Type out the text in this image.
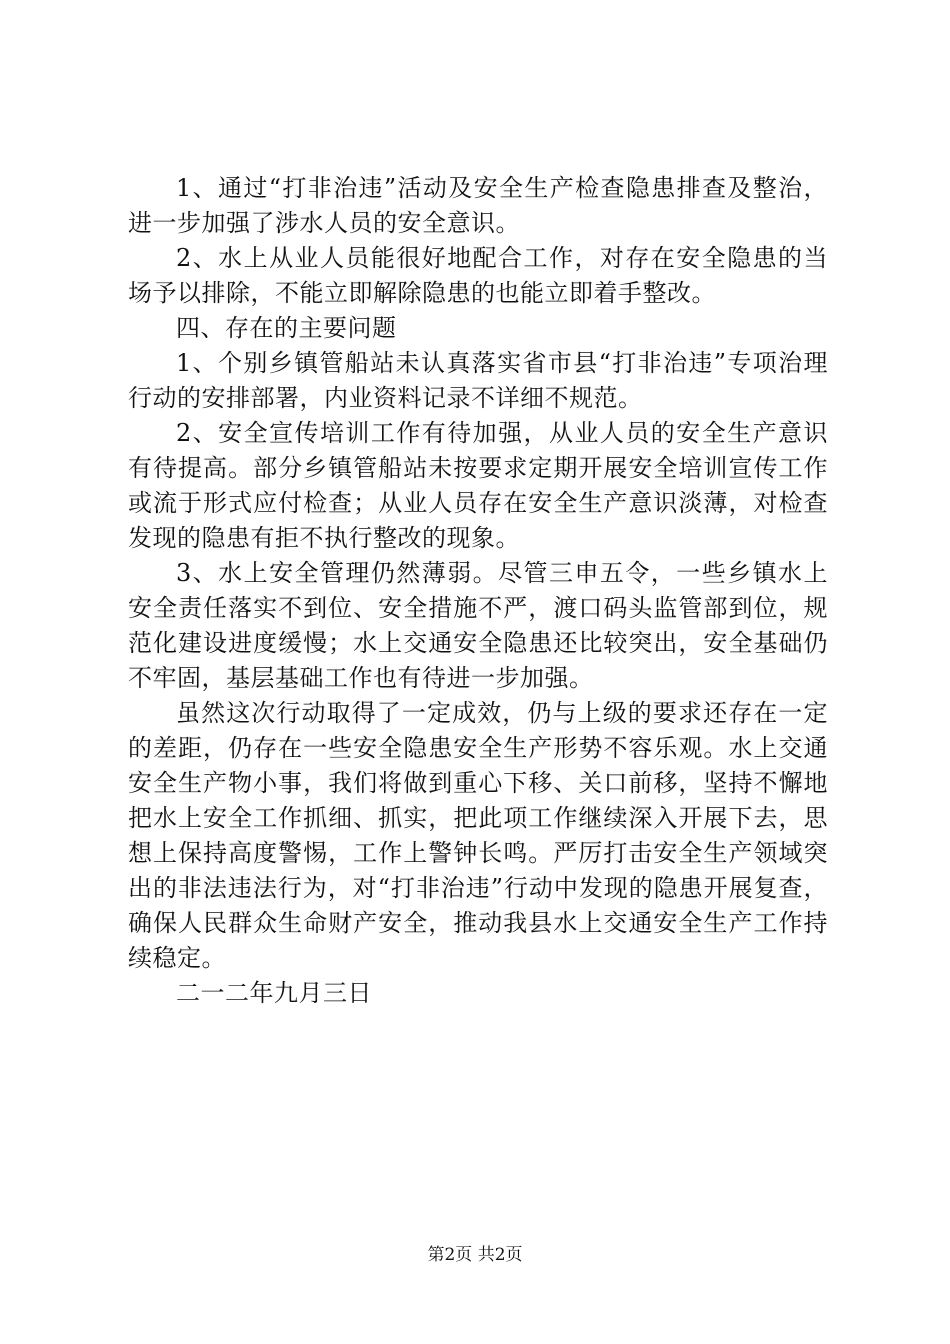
1、通过“打非治违”活动及安全生产检查隐患排查及整治，进一步加强了涉水人员的安全意识。

2、水上从业人员能很好地配合工作，对存在安全隐患的当场予以排除，不能立即解除隐患的也能立即着手整改。

四、存在的主要问题

1、个别乡镇管船站未认真落实省市县“打非治违”专项治理行动的安排部署，内业资料记录不详细不规范。

2、安全宣传培训工作有待加强，从业人员的安全生产意识有待提高。部分乡镇管船站未按要求定期开展安全培训宣传工作或流于形式应付检查；从业人员存在安全生产意识淡薄，对检查发现的隐患有拒不执行整改的现象。

3、水上安全管理仍然薄弱。尽管三申五令，一些乡镇水上安全责任落实不到位、安全措施不严，渡口码头监管部到位，规范化建设进度缓慢；水上交通安全隐患还比较突出，安全基础仍不牢固，基层基础工作也有待进一步加强。

虽然这次行动取得了一定成效，仍与上级的要求还存在一定的差距，仍存在一些安全隐患安全生产形势不容乐观。水上交通安全生产物小事，我们将做到重心下移、关口前移，坚持不懈地把水上安全工作抓细、抓实，把此项工作继续深入开展下去，思想上保持高度警惕，工作上警钟长鸣。严厉打击安全生产领域突出的非法违法行为，对“打非治违”行动中发现的隐患开展复查，确保人民群众生命财产安全，推动我县水上交通安全生产工作持续稳定。

二一二年九月三日

第2页 共2页
